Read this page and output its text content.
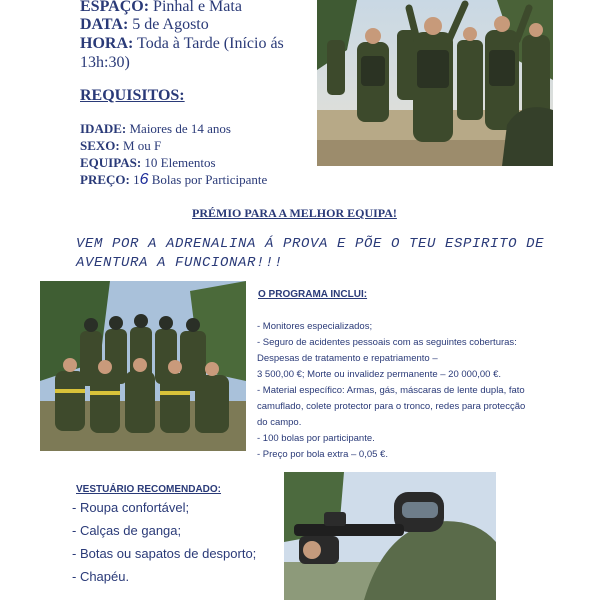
ESPAÇO: Pinhal e Mata
DATA: 5 de Agosto
HORA: Toda à Tarde (Início ás
13h:30)
REQUISITOS:
IDADE: Maiores de 14 anos
SEXO: M ou F
EQUIPAS: 10 Elementos
PREÇO: 16 Bolas por Participante
PRÉMIO PARA A MELHOR EQUIPA!
VEM POR A ADRENALINA Á PROVA E PÕE O TEU ESPIRITO DE
AVENTURA A FUNCIONAR!!!
O PROGRAMA INCLUI:
- Monitores especializados;
- Seguro de acidentes pessoais com as seguintes coberturas:
Despesas de tratamento e repatriamento –
3 500,00 €; Morte ou invalidez permanente – 20 000,00 €.
- Material específico: Armas, gás, máscaras de lente dupla, fato
camuflado, colete protector para o tronco, redes para protecção
do campo.
- 100 bolas por participante.
- Preço por bola extra – 0,05 €.
VESTUÁRIO RECOMENDADO:
- Roupa confortável;
- Calças de ganga;
- Botas ou sapatos de desporto;
- Chapéu.
